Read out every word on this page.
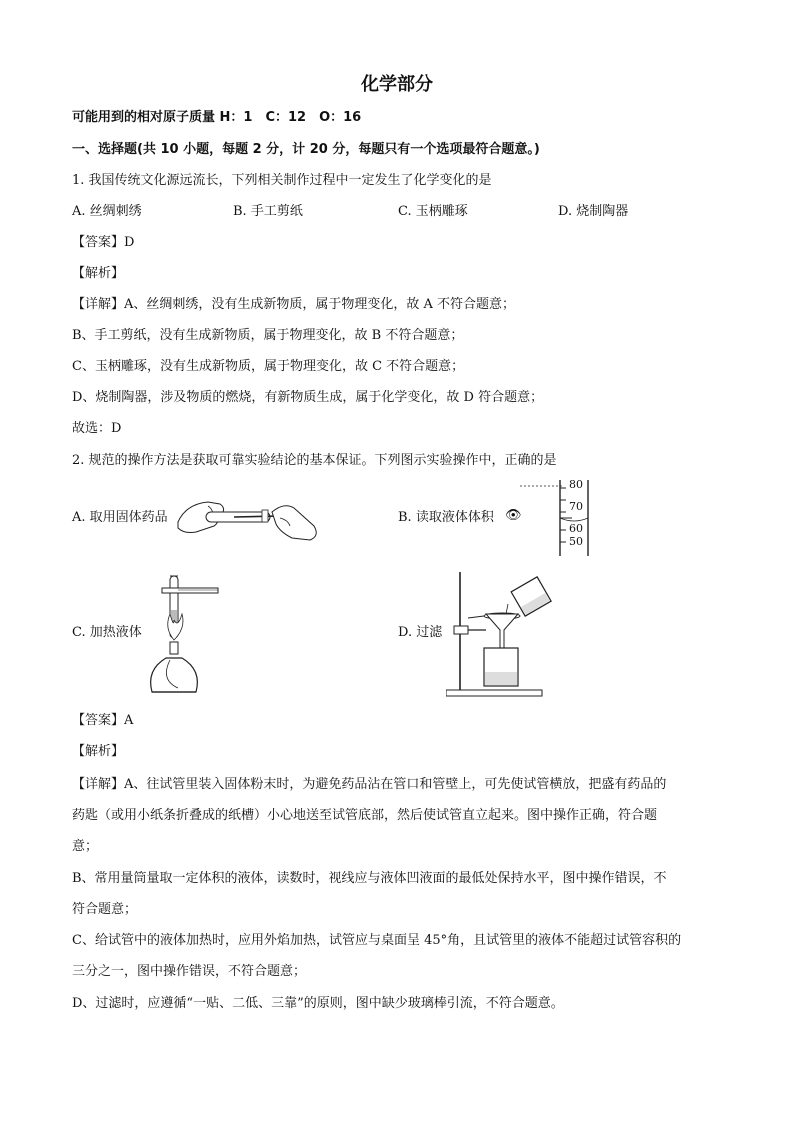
化学部分
可能用到的相对原子质量 H：1　C：12　O：16
一、选择题(共 10 小题，每题 2 分，计 20 分，每题只有一个选项最符合题意。)
1. 我国传统文化源远流长，下列相关制作过程中一定发生了化学变化的是
A. 丝绸刺绣	B. 手工剪纸	C. 玉柄雕琢	D. 烧制陶器
【答案】D
【解析】
【详解】A、丝绸刺绣，没有生成新物质，属于物理变化，故 A 不符合题意；
B、手工剪纸，没有生成新物质，属于物理变化，故 B 不符合题意；
C、玉柄雕琢，没有生成新物质，属于物理变化，故 C 不符合题意；
D、烧制陶器，涉及物质的燃烧，有新物质生成，属于化学变化，故 D 符合题意；
故选：D
2. 规范的操作方法是获取可靠实验结论的基本保证。下列图示实验操作中，正确的是
A. 取用固体药品	B. 读取液体体积 👁
80
70
60
50
C. 加热液体	D. 过滤
【答案】A
【解析】
【详解】A、往试管里装入固体粉末时，为避免药品沾在管口和管壁上，可先使试管横放，把盛有药品的
药匙（或用小纸条折叠成的纸槽）小心地送至试管底部，然后使试管直立起来。图中操作正确，符合题
意；
B、常用量筒量取一定体积的液体，读数时，视线应与液体凹液面的最低处保持水平，图中操作错误，不
符合题意；
C、给试管中的液体加热时，应用外焰加热，试管应与桌面呈 45°角，且试管里的液体不能超过试管容积的
三分之一，图中操作错误，不符合题意；
D、过滤时，应遵循“一贴、二低、三靠”的原则，图中缺少玻璃棒引流，不符合题意。
